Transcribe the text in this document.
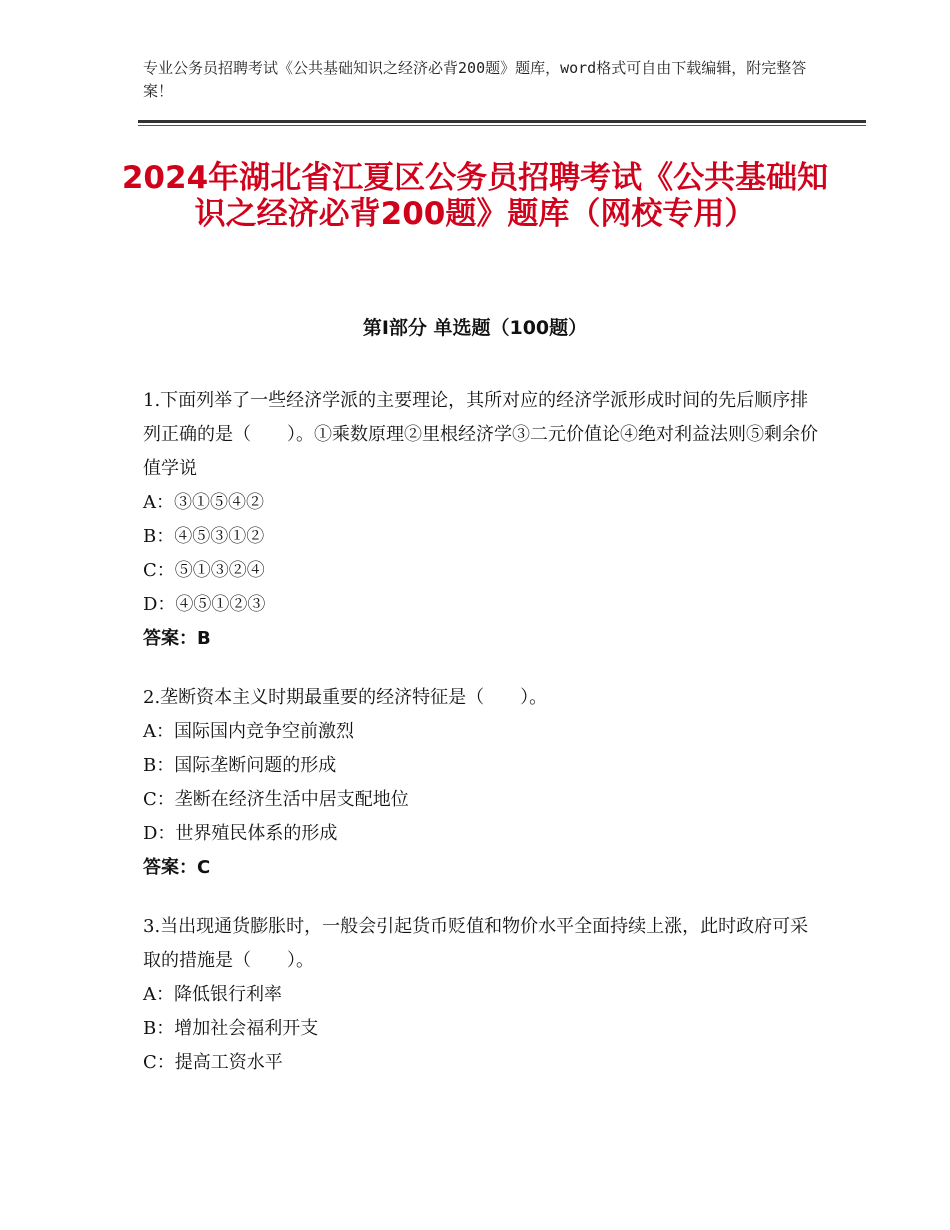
专业公务员招聘考试《公共基础知识之经济必背200题》题库，word格式可自由下载编辑，附完整答案！
2024年湖北省江夏区公务员招聘考试《公共基础知识之经济必背200题》题库（网校专用）
第Ⅰ部分 单选题（100题）
1.下面列举了一些经济学派的主要理论，其所对应的经济学派形成时间的先后顺序排列正确的是（　　）。①乘数原理②里根经济学③二元价值论④绝对利益法则⑤剩余价值学说
A：③①⑤④②
B：④⑤③①②
C：⑤①③②④
D：④⑤①②③
答案：B
2.垄断资本主义时期最重要的经济特征是（　　）。
A：国际国内竞争空前激烈
B：国际垄断问题的形成
C：垄断在经济生活中居支配地位
D：世界殖民体系的形成
答案：C
3.当出现通货膨胀时，一般会引起货币贬值和物价水平全面持续上涨，此时政府可采取的措施是（　　）。
A：降低银行利率
B：增加社会福利开支
C：提高工资水平
